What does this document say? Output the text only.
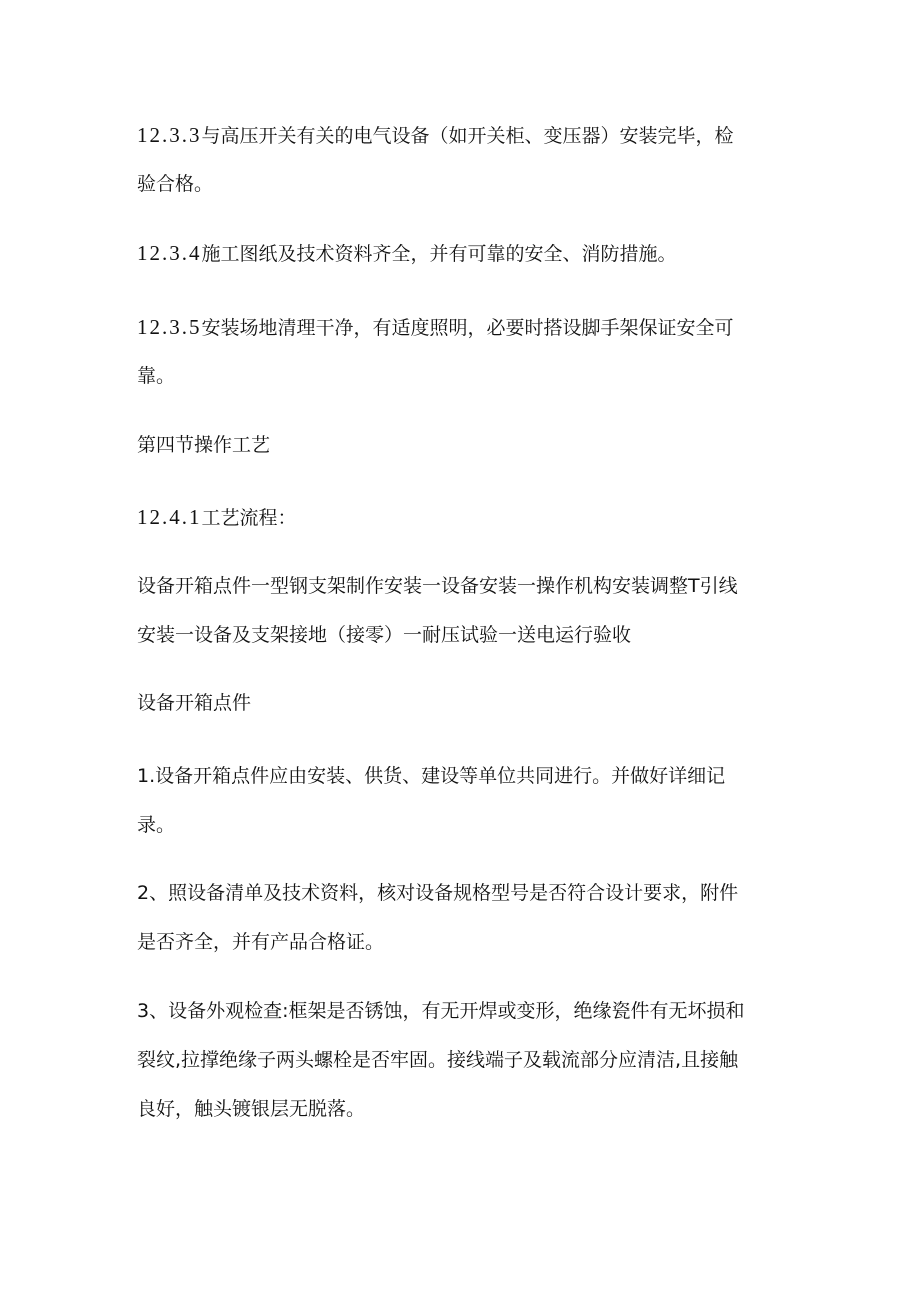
12.3.3与高压开关有关的电气设备（如开关柜、变压器）安装完毕，检
验合格。
12.3.4施工图纸及技术资料齐全，并有可靠的安全、消防措施。
12.3.5安装场地清理干净，有适度照明，必要时搭设脚手架保证安全可
靠。
第四节操作工艺
12.4.1工艺流程：
设备开箱点件一型钢支架制作安装一设备安装一操作机构安装调整T引线
安装一设备及支架接地（接零）一耐压试验一送电运行验收
设备开箱点件
1.设备开箱点件应由安装、供货、建设等单位共同进行。并做好详细记
录。
2、照设备清单及技术资料，核对设备规格型号是否符合设计要求，附件
是否齐全，并有产品合格证。
3、设备外观检查:框架是否锈蚀，有无开焊或变形，绝缘瓷件有无坏损和
裂纹,拉撑绝缘子两头螺栓是否牢固。接线端子及载流部分应清洁,且接触
良好，触头镀银层无脱落。
